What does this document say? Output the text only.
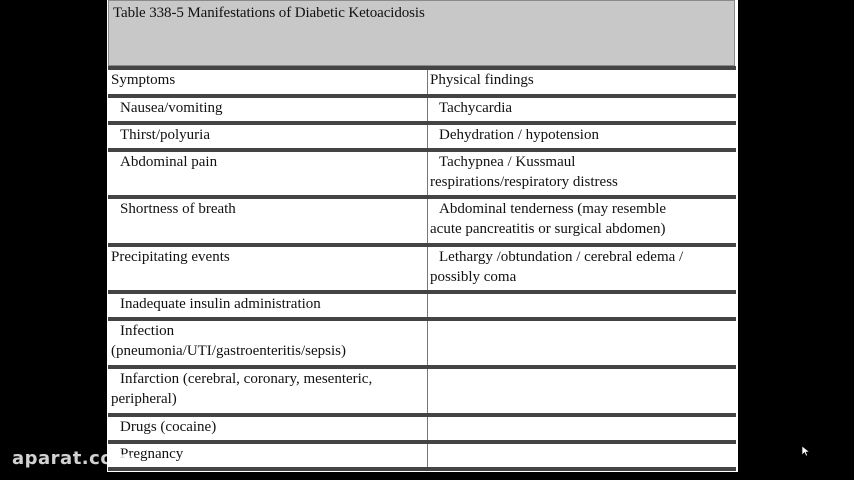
Table 338-5 Manifestations of Diabetic Ketoacidosis
Symptoms	Physical findings
Nausea/vomiting	Tachycardia
Thirst/polyuria	Dehydration / hypotension
Abdominal pain	Tachypnea / Kussmaul
respirations/respiratory distress
Shortness of breath	Abdominal tenderness (may resemble
acute pancreatitis or surgical abdomen)
Precipitating events	Lethargy /obtundation / cerebral edema /
possibly coma
Inadequate insulin administration
Infection
(pneumonia/UTI/gastroenteritis/sepsis)
Infarction (cerebral, coronary, mesenteric,
peripheral)
Drugs (cocaine)
Pregnancy
aparat.com
